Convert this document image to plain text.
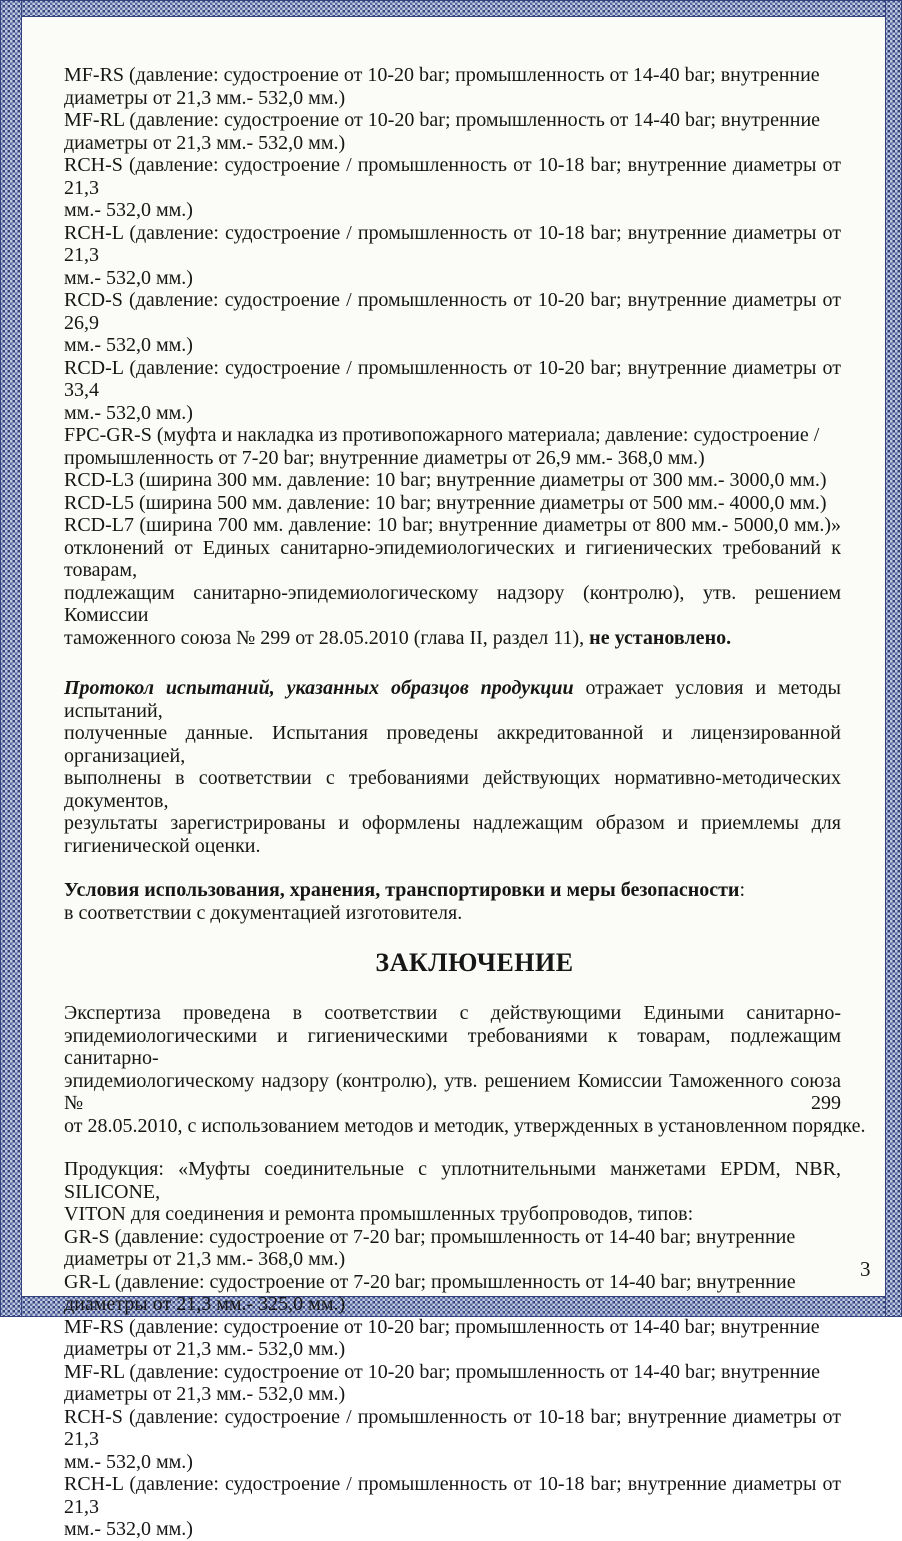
MF-RS (давление: судостроение от 10-20 bar; промышленность от 14-40 bar; внутренние
диаметры от 21,3 мм.- 532,0 мм.)
MF-RL (давление: судостроение от 10-20 bar; промышленность от 14-40 bar; внутренние
диаметры от 21,3 мм.- 532,0 мм.)
RCH-S (давление: судостроение / промышленность от 10-18 bar; внутренние диаметры от 21,3
мм.- 532,0 мм.)
RCH-L (давление: судостроение / промышленность от 10-18 bar; внутренние диаметры от 21,3
мм.- 532,0 мм.)
RCD-S (давление: судостроение / промышленность от 10-20 bar; внутренние диаметры от 26,9
мм.- 532,0 мм.)
RCD-L (давление: судостроение / промышленность от 10-20 bar; внутренние диаметры от 33,4
мм.- 532,0 мм.)
FPC-GR-S (муфта и накладка из противопожарного материала; давление: судостроение /
промышленность от 7-20 bar; внутренние диаметры от 26,9 мм.- 368,0 мм.)
RCD-L3 (ширина 300 мм. давление: 10 bar; внутренние диаметры от 300 мм.- 3000,0 мм.)
RCD-L5 (ширина 500 мм. давление: 10 bar; внутренние диаметры от 500 мм.- 4000,0 мм.)
RCD-L7 (ширина 700 мм. давление: 10 bar; внутренние диаметры от 800 мм.- 5000,0 мм.)»
отклонений от Единых санитарно-эпидемиологических и гигиенических требований к товарам,
подлежащим санитарно-эпидемиологическому надзору (контролю), утв. решением Комиссии
таможенного союза № 299 от 28.05.2010 (глава II, раздел 11), не установлено.
Протокол испытаний, указанных образцов продукции отражает условия и методы испытаний,
полученные данные. Испытания проведены аккредитованной и лицензированной организацией,
выполнены в соответствии с требованиями действующих нормативно-методических документов,
результаты зарегистрированы и оформлены надлежащим образом и приемлемы для
гигиенической оценки.
Условия использования, хранения, транспортировки и меры безопасности:
в соответствии с документацией изготовителя.
ЗАКЛЮЧЕНИЕ
Экспертиза проведена в соответствии с действующими Едиными санитарно-
эпидемиологическими и гигиеническими требованиями к товарам, подлежащим санитарно-
эпидемиологическому надзору (контролю), утв. решением Комиссии Таможенного союза № 299
от 28.05.2010, с использованием методов и методик, утвержденных в установленном порядке.
Продукция: «Муфты соединительные с уплотнительными манжетами EPDM, NBR, SILICONE,
VITON для соединения и ремонта промышленных трубопроводов, типов:
GR-S (давление: судостроение от 7-20 bar; промышленность от 14-40 bar; внутренние
диаметры от 21,3 мм.- 368,0 мм.)
GR-L (давление: судостроение от 7-20 bar; промышленность от 14-40 bar; внутренние
диаметры от 21,3 мм.- 325,0 мм.)
MF-RS (давление: судостроение от 10-20 bar; промышленность от 14-40 bar; внутренние
диаметры от 21,3 мм.- 532,0 мм.)
MF-RL (давление: судостроение от 10-20 bar; промышленность от 14-40 bar; внутренние
диаметры от 21,3 мм.- 532,0 мм.)
RCH-S (давление: судостроение / промышленность от 10-18 bar; внутренние диаметры от 21,3
мм.- 532,0 мм.)
RCH-L (давление: судостроение / промышленность от 10-18 bar; внутренние диаметры от 21,3
мм.- 532,0 мм.)
3
